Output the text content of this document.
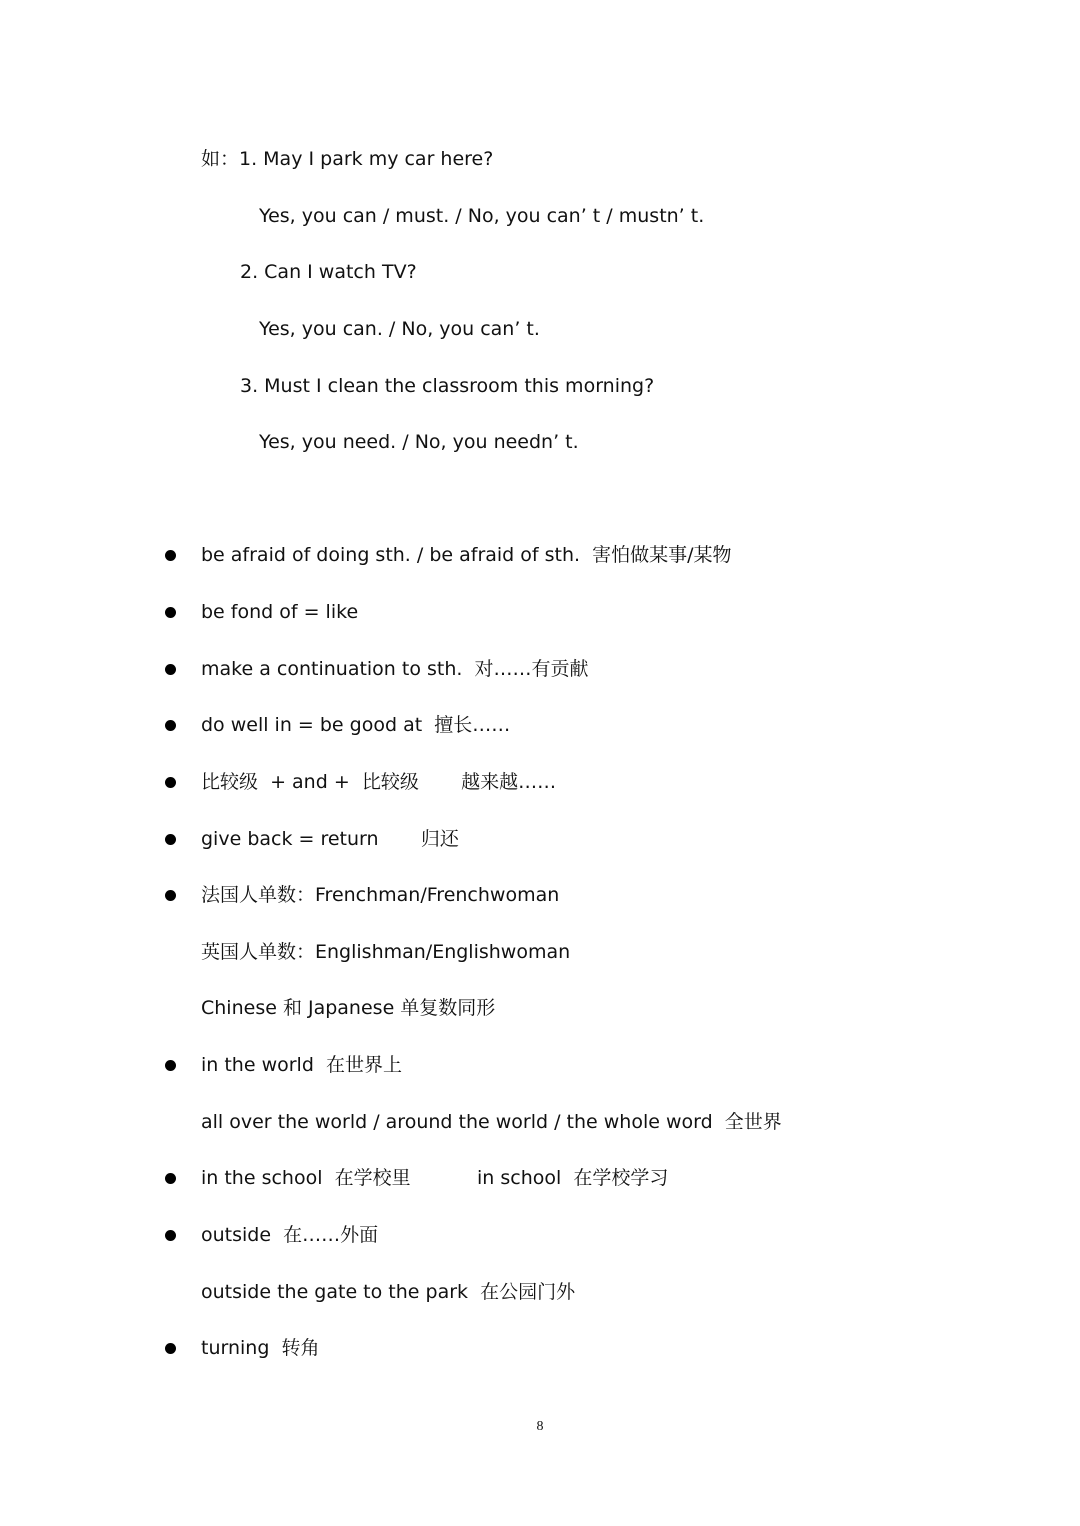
如：1. May I park my car here?
Yes, you can / must. / No, you can’ t / mustn’ t.
2. Can I watch TV?
Yes, you can. / No, you can’ t.
3. Must I clean the classroom this morning?
Yes, you need. / No, you needn’ t.
be afraid of doing sth. / be afraid of sth.  害怕做某事/某物
be fond of = like
make a continuation to sth.  对……有贡献
do well in = be good at  擅长……
比较级  + and +  比较级       越来越……
give back = return       归还
法国人单数：Frenchman/Frenchwoman
英国人单数：Englishman/Englishwoman
Chinese 和 Japanese 单复数同形
in the world  在世界上
all over the world / around the world / the whole word  全世界
in the school  在学校里           in school  在学校学习
outside  在……外面
outside the gate to the park  在公园门外
turning  转角
8
